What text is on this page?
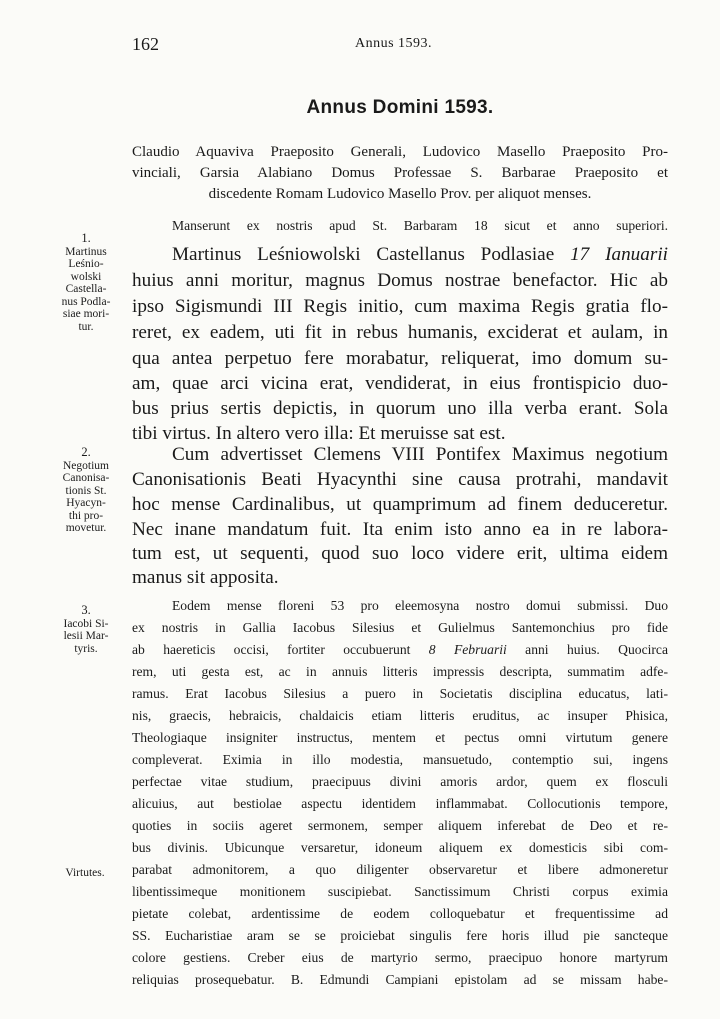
162	Annus 1593.
Annus Domini 1593.
Claudio Aquaviva Praeposito Generali, Ludovico Masello Praeposito Pro-
vinciali, Garsia Alabiano Domus Professae S. Barbarae Praeposito et
discedente Romam Ludovico Masello Prov. per aliquot menses.
Manserunt ex nostris apud St. Barbaram 18 sicut et anno superiori.
Martinus Leśniowolski Castellanus Podlasiae 17 Ianuarii
huius anni moritur, magnus Domus nostrae benefactor. Hic ab
ipso Sigismundi III Regis initio, cum maxima Regis gratia flo-
reret, ex eadem, uti fit in rebus humanis, exciderat et aulam, in
qua antea perpetuo fere morabatur, reliquerat, imo domum su-
am, quae arci vicina erat, vendiderat, in eius frontispicio duo-
bus prius sertis depictis, in quorum uno illa verba erant. Sola
tibi virtus. In altero vero illa: Et meruisse sat est.
Cum advertisset Clemens VIII Pontifex Maximus negotium
Canonisationis Beati Hyacynthi sine causa protrahi, mandavit
hoc mense Cardinalibus, ut quamprimum ad finem deduceretur.
Nec inane mandatum fuit. Ita enim isto anno ea in re labora-
tum est, ut sequenti, quod suo loco videre erit, ultima eidem
manus sit apposita.
Eodem mense floreni 53 pro eleemosyna nostro domui submissi. Duo
ex nostris in Gallia Iacobus Silesius et Gulielmus Santemonchius pro fide
ab haereticis occisi, fortiter occubuerunt 8 Februarii anni huius. Quocirca
rem, uti gesta est, ac in annuis litteris impressis descripta, summatim adfe-
ramus. Erat Iacobus Silesius a puero in Societatis disciplina educatus, lati-
nis, graecis, hebraicis, chaldaicis etiam litteris eruditus, ac insuper Phisica,
Theologiaque insigniter instructus, mentem et pectus omni virtutum genere
compleverat. Eximia in illo modestia, mansuetudo, contemptio sui, ingens
perfectae vitae studium, praecipuus divini amoris ardor, quem ex flosculi
alicuius, aut bestiolae aspectu identidem inflammabat. Collocutionis tempore,
quoties in sociis ageret sermonem, semper aliquem inferebat de Deo et re-
bus divinis. Ubicunque versaretur, idoneum aliquem ex domesticis sibi com-
parabat admonitorem, a quo diligenter observaretur et libere admoneretur
libentissimeque monitionem suscipiebat. Sanctissimum Christi corpus eximia
pietate colebat, ardentissime de eodem colloquebatur et frequentissime ad
SS. Eucharistiae aram se se proiciebat singulis fere horis illud pie sancteque
colore gestiens. Creber eius de martyrio sermo, praecipuo honore martyrum
reliquias prosequebatur. B. Edmundi Campiani epistolam ad se missam habe-
1.
Martinus
Leśnio-
wolski
Castella-
nus Podla-
siae mori-
tur.
2.
Negotium
Canonisa-
tionis St.
Hyacyn-
thi pro-
movetur.
3.
Iacobi Si-
lesii Mar-
tyris.
Virtutes.
